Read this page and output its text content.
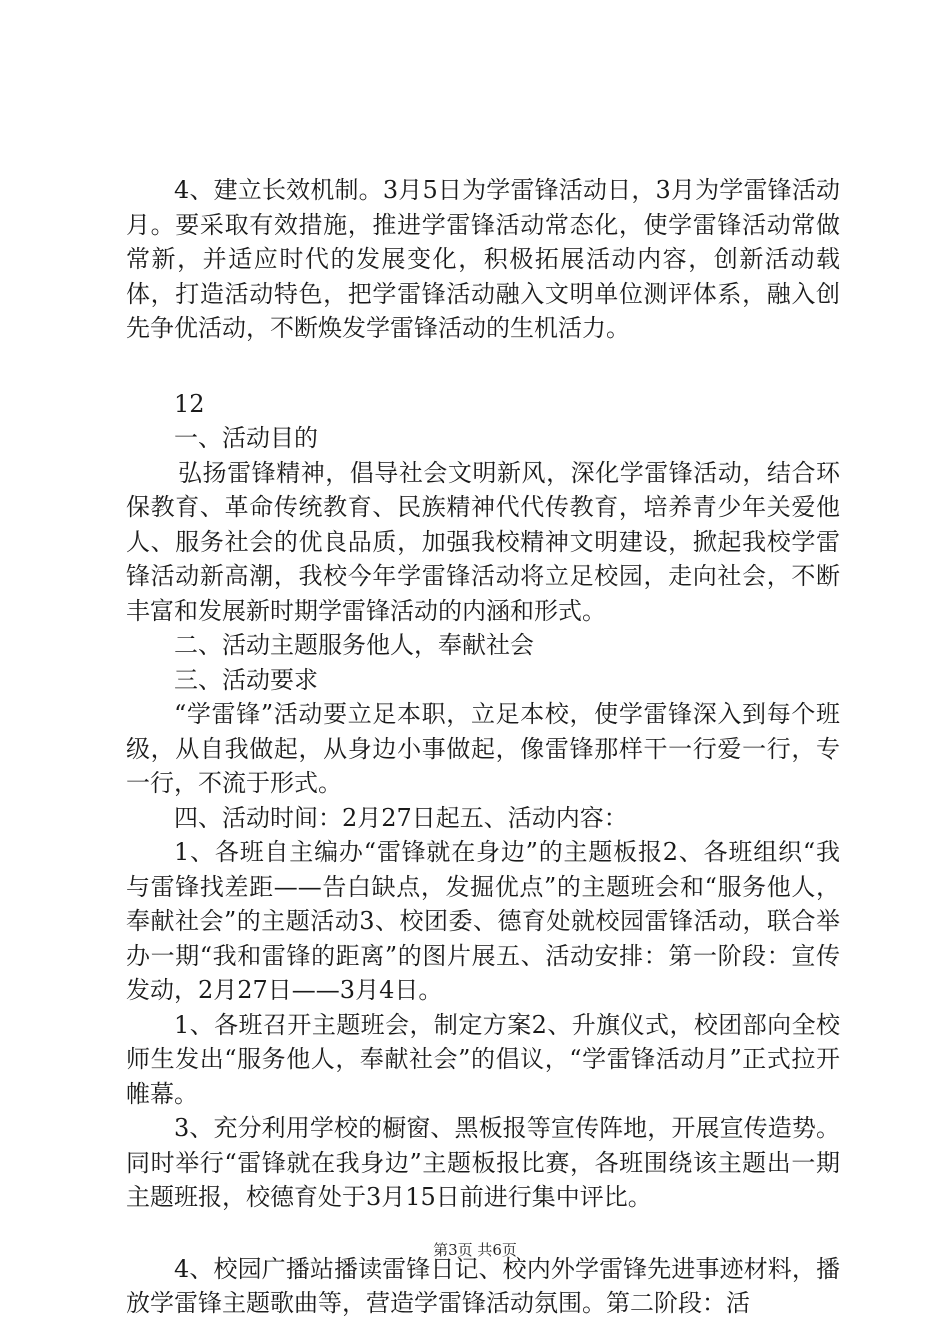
4、建立长效机制。3月5日为学雷锋活动日，3月为学雷锋活动月。要采取有效措施，推进学雷锋活动常态化，使学雷锋活动常做常新，并适应时代的发展变化，积极拓展活动内容，创新活动载体，打造活动特色，把学雷锋活动融入文明单位测评体系，融入创先争优活动，不断焕发学雷锋活动的生机活力。

12

一、活动目的

弘扬雷锋精神，倡导社会文明新风，深化学雷锋活动，结合环保教育、革命传统教育、民族精神代代传教育，培养青少年关爱他人、服务社会的优良品质，加强我校精神文明建设，掀起我校学雷锋活动新高潮，我校今年学雷锋活动将立足校园，走向社会，不断丰富和发展新时期学雷锋活动的内涵和形式。

二、活动主题服务他人，奉献社会

三、活动要求

“学雷锋”活动要立足本职，立足本校，使学雷锋深入到每个班级，从自我做起，从身边小事做起，像雷锋那样干一行爱一行，专一行，不流于形式。

四、活动时间：2月27日起五、活动内容：

1、各班自主编办“雷锋就在身边”的主题板报2、各班组织“我与雷锋找差距——告白缺点，发掘优点”的主题班会和“服务他人，奉献社会”的主题活动3、校团委、德育处就校园雷锋活动，联合举办一期“我和雷锋的距离”的图片展五、活动安排：第一阶段：宣传发动，2月27日——3月4日。

1、各班召开主题班会，制定方案2、升旗仪式，校团部向全校师生发出“服务他人，奉献社会”的倡议，“学雷锋活动月”正式拉开帷幕。

3、充分利用学校的橱窗、黑板报等宣传阵地，开展宣传造势。同时举行“雷锋就在我身边”主题板报比赛，各班围绕该主题出一期主题班报，校德育处于3月15日前进行集中评比。

4、校园广播站播读雷锋日记、校内外学雷锋先进事迹材料，播放学雷锋主题歌曲等，营造学雷锋活动氛围。第二阶段：活

第3页 共6页
